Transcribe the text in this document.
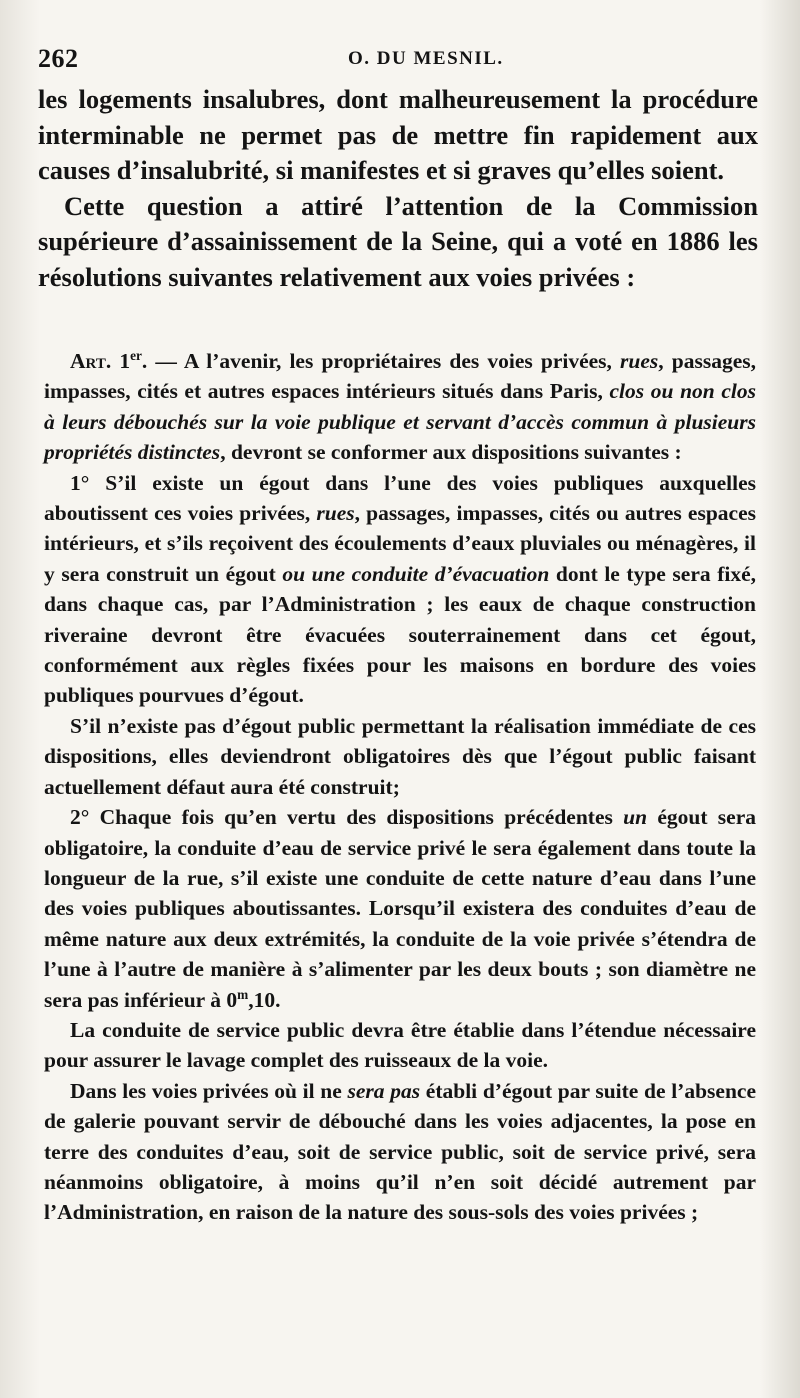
262	O. DU MESNIL.

les logements insalubres, dont malheureusement la procédure interminable ne permet pas de mettre fin rapidement aux causes d’insalubrité, si manifestes et si graves qu’elles soient.

Cette question a attiré l’attention de la Commission supérieure d’assainissement de la Seine, qui a voté en 1886 les résolutions suivantes relativement aux voies privées :

Art. 1er. — A l’avenir, les propriétaires des voies privées, rues, passages, impasses, cités et autres espaces intérieurs situés dans Paris, clos ou non clos à leurs débouchés sur la voie publique et servant d’accès commun à plusieurs propriétés distinctes, devront se conformer aux dispositions suivantes :

1° S’il existe un égout dans l’une des voies publiques auxquelles aboutissent ces voies privées, rues, passages, impasses, cités ou autres espaces intérieurs, et s’ils reçoivent des écoulements d’eaux pluviales ou ménagères, il y sera construit un égout ou une conduite d’évacuation dont le type sera fixé, dans chaque cas, par l’Administration ; les eaux de chaque construction riveraine devront être évacuées souterrainement dans cet égout, conformément aux règles fixées pour les maisons en bordure des voies publiques pourvues d’égout.

S’il n’existe pas d’égout public permettant la réalisation immédiate de ces dispositions, elles deviendront obligatoires dès que l’égout public faisant actuellement défaut aura été construit;

2° Chaque fois qu’en vertu des dispositions précédentes un égout sera obligatoire, la conduite d’eau de service privé le sera également dans toute la longueur de la rue, s’il existe une conduite de cette nature d’eau dans l’une des voies publiques aboutissantes. Lorsqu’il existera des conduites d’eau de même nature aux deux extrémités, la conduite de la voie privée s’étendra de l’une à l’autre de manière à s’alimenter par les deux bouts ; son diamètre ne sera pas inférieur à 0$^m$,10.

La conduite de service public devra être établie dans l’étendue nécessaire pour assurer le lavage complet des ruisseaux de la voie.

Dans les voies privées où il ne sera pas établi d’égout par suite de l’absence de galerie pouvant servir de débouché dans les voies adjacentes, la pose en terre des conduites d’eau, soit de service public, soit de service privé, sera néanmoins obligatoire, à moins qu’il n’en soit décidé autrement par l’Administration, en raison de la nature des sous-sols des voies privées ;
